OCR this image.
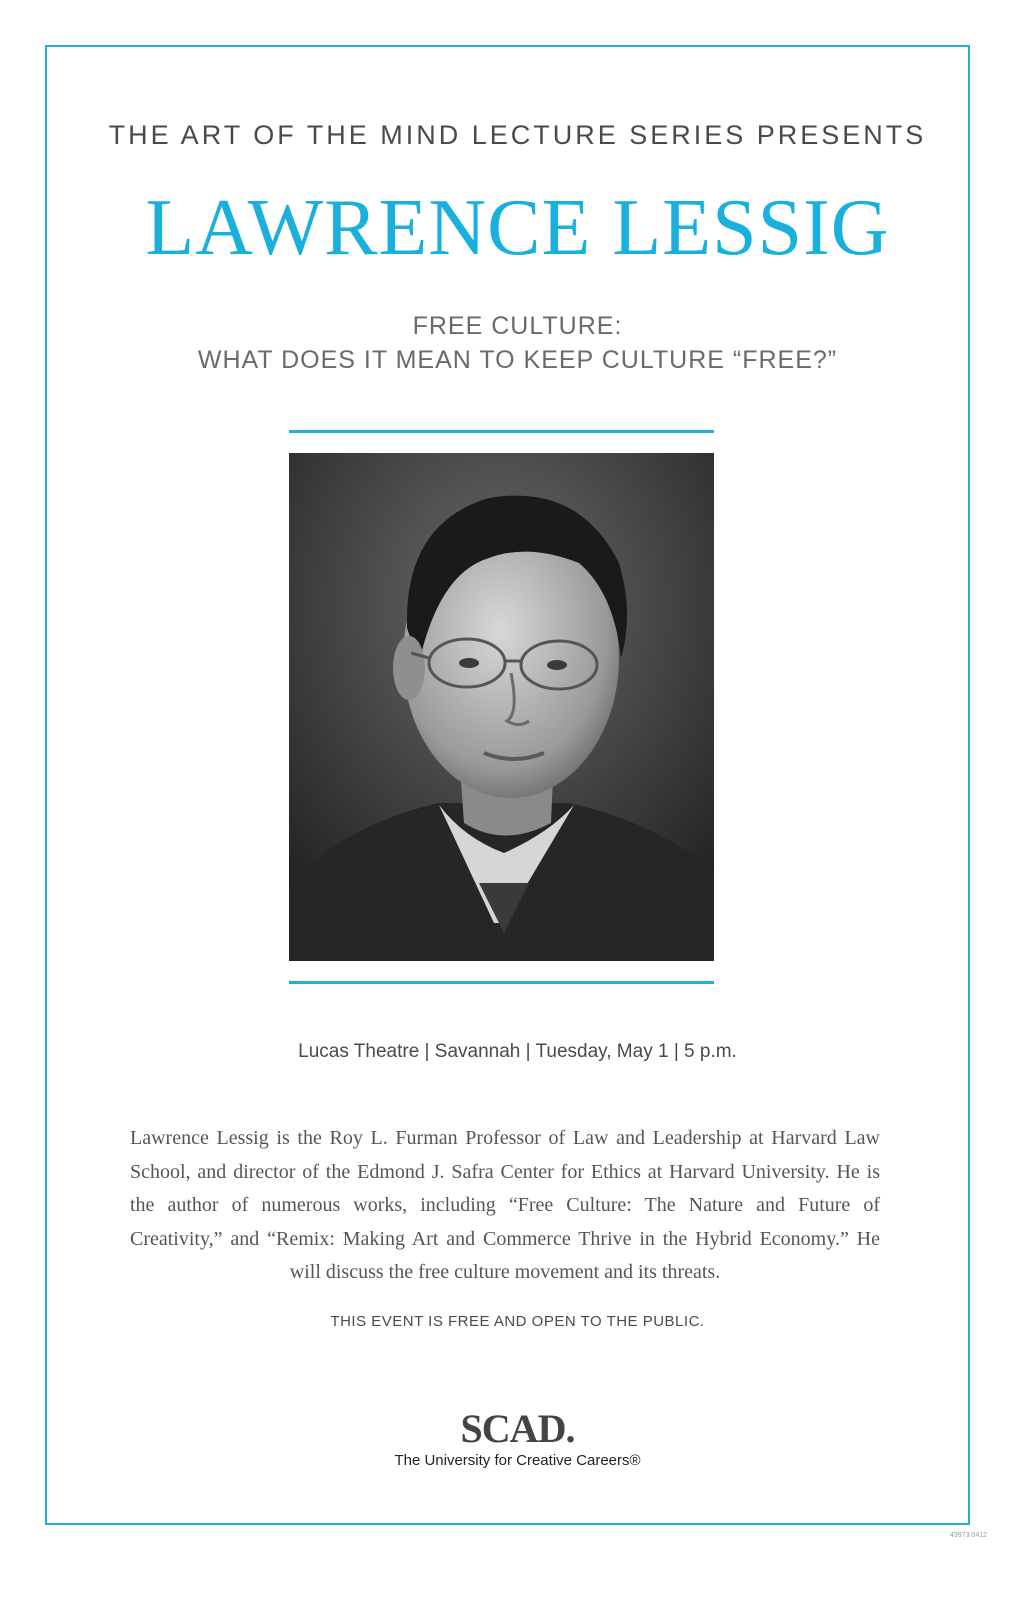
THE ART OF THE MIND LECTURE SERIES PRESENTS
LAWRENCE LESSIG
FREE CULTURE:
WHAT DOES IT MEAN TO KEEP CULTURE “FREE?”
Lucas Theatre | Savannah | Tuesday, May 1 | 5 p.m.
Lawrence Lessig is the Roy L. Furman Professor of Law and Leadership at Harvard Law School, and director of the Edmond J. Safra Center for Ethics at Harvard University. He is the author of numerous works, including “Free Culture: The Nature and Future of Creativity,” and “Remix: Making Art and Commerce Thrive in the Hybrid Economy.” He will discuss the free culture movement and its threats.
THIS EVENT IS FREE AND OPEN TO THE PUBLIC.
SCAD.
The University for Creative Careers®
49973.0412
